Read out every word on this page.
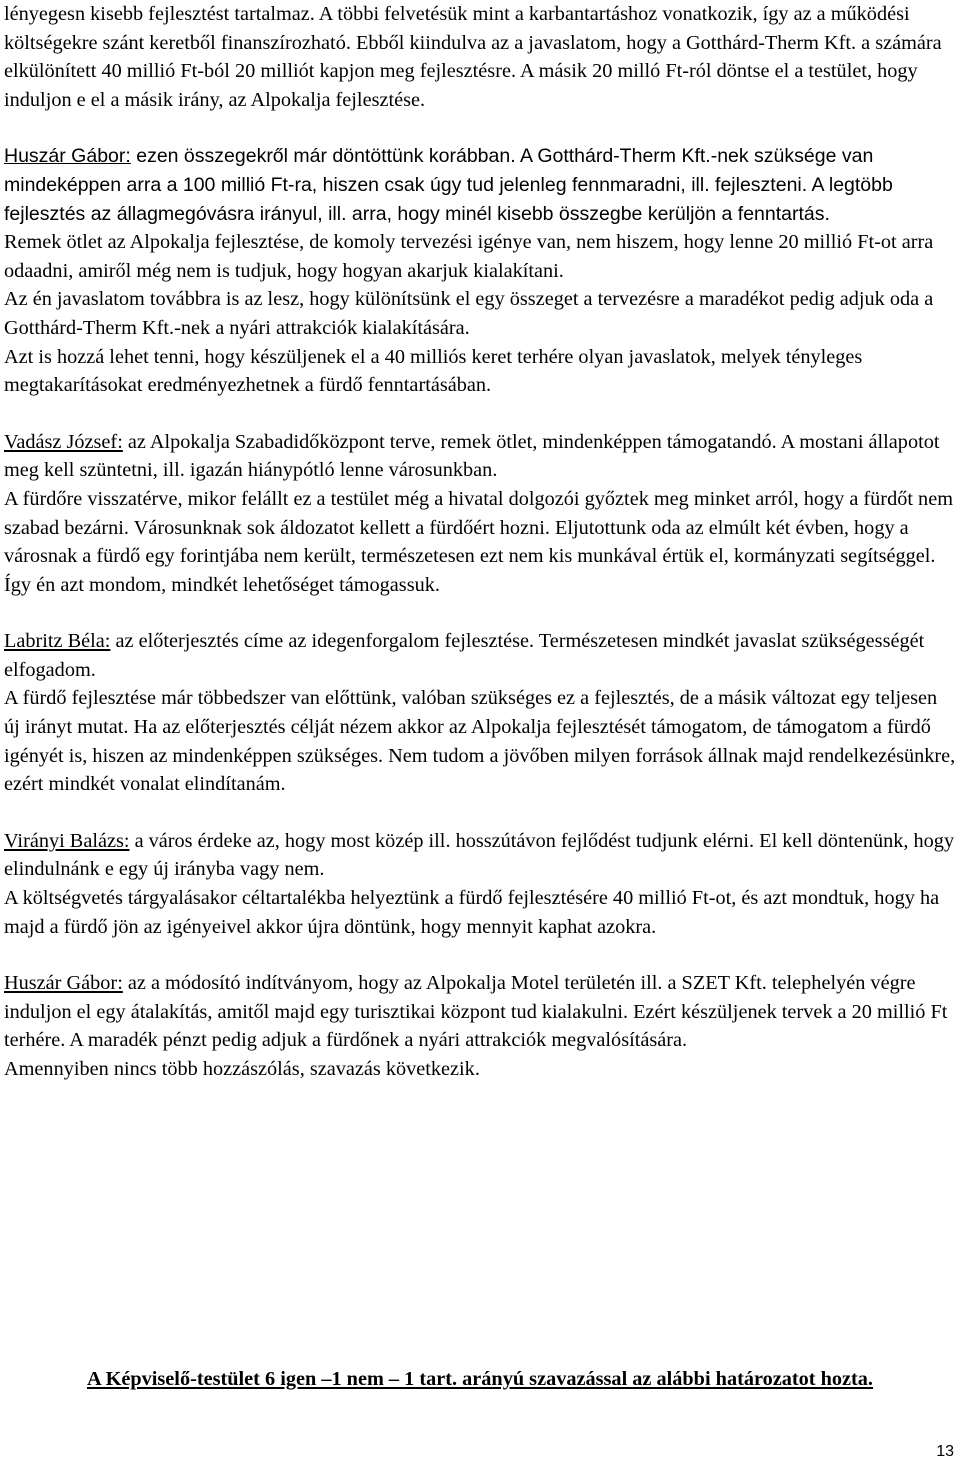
lényegesn kisebb fejlesztést tartalmaz. A többi felvetésük mint a karbantartáshoz vonatkozik, így az a működési költségekre szánt keretből finanszírozható. Ebből kiindulva az a javaslatom, hogy a Gotthárd-Therm Kft. a számára elkülönített 40 millió Ft-ból 20 milliót kapjon meg fejlesztésre. A másik 20 milló Ft-ról döntse el a testület, hogy induljon e el a másik irány, az Alpokalja fejlesztése.

Huszár Gábor: ezen összegekről már döntöttünk korábban. A Gotthárd-Therm Kft.-nek szüksége van mindeképpen arra a 100 millió Ft-ra, hiszen csak úgy tud jelenleg fennmaradni, ill. fejleszteni. A legtöbb fejlesztés az állagmegóvásra irányul, ill. arra, hogy minél kisebb összegbe kerüljön a fenntartás.

Remek ötlet az Alpokalja fejlesztése, de komoly tervezési igénye van, nem hiszem, hogy lenne 20 millió Ft-ot arra odaadni, amiről még nem is tudjuk, hogy hogyan akarjuk kialakítani.

Az én javaslatom továbbra is az lesz, hogy különítsünk el egy összeget a tervezésre a maradékot pedig adjuk oda a Gotthárd-Therm Kft.-nek a nyári attrakciók kialakítására.

Azt is hozzá lehet tenni, hogy készüljenek el a 40 milliós keret terhére olyan javaslatok, melyek tényleges megtakarításokat eredményezhetnek a fürdő fenntartásában.

Vadász József: az Alpokalja Szabadidőközpont terve, remek ötlet, mindenképpen támogatandó. A mostani állapotot meg kell szüntetni, ill. igazán hiánypótló lenne városunkban.

A fürdőre visszatérve, mikor felállt ez a testület még a hivatal dolgozói győztek meg minket arról, hogy a fürdőt nem szabad bezárni. Városunknak sok áldozatot kellett a fürdőért hozni. Eljutottunk oda az elmúlt két évben, hogy a városnak a fürdő egy forintjába nem került, természetesen ezt nem kis munkával értük el, kormányzati segítséggel.

Így én azt mondom, mindkét lehetőséget támogassuk.

Labritz Béla: az előterjesztés címe az idegenforgalom fejlesztése. Természetesen mindkét javaslat szükségességét elfogadom.

A fürdő fejlesztése már többedszer van előttünk, valóban szükséges ez a fejlesztés, de a másik változat egy teljesen új irányt mutat. Ha az előterjesztés célját nézem akkor az Alpokalja fejlesztését támogatom, de támogatom a fürdő igényét is, hiszen az mindenképpen szükséges. Nem tudom a jövőben milyen források állnak majd rendelkezésünkre, ezért mindkét vonalat elindítanám.

Virányi Balázs: a város érdeke az, hogy most közép ill. hosszútávon fejlődést tudjunk elérni. El kell döntenünk, hogy elindulnánk e egy új irányba vagy nem.

A költségvetés tárgyalásakor céltartalékba helyeztünk a fürdő fejlesztésére 40 millió Ft-ot, és azt mondtuk, hogy ha majd a fürdő jön az igényeivel akkor újra döntünk, hogy mennyit kaphat azokra.

Huszár Gábor: az a módosító indítványom, hogy az Alpokalja Motel területén ill. a SZET Kft. telephelyén végre induljon el egy átalakítás, amitől majd egy turisztikai központ tud kialakulni. Ezért készüljenek tervek a 20 millió Ft terhére. A maradék pénzt pedig adjuk a fürdőnek a nyári attrakciók megvalósítására.

Amennyiben nincs több hozzászólás, szavazás következik.

A Képviselő-testület 6 igen –1 nem – 1 tart. arányú szavazással az alábbi határozatot hozta.
13
